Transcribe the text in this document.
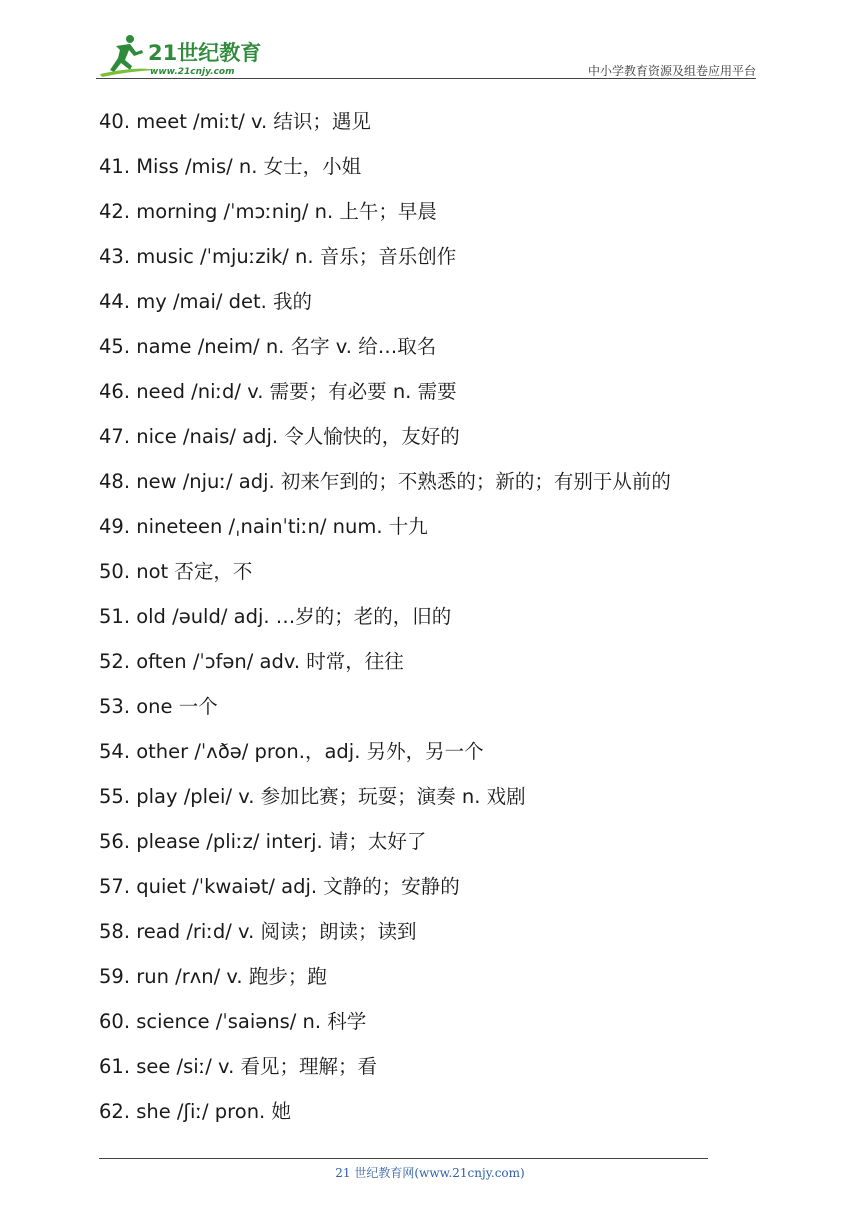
21世纪教育
www.21cnjy.com	中小学教育资源及组卷应用平台
40. meet /miːt/ v. 结识；遇见
41. Miss /mis/ n. 女士，小姐
42. morning /ˈmɔːniŋ/ n. 上午；早晨
43. music /ˈmjuːzik/ n. 音乐；音乐创作
44. my /mai/ det. 我的
45. name /neim/ n. 名字 v. 给…取名
46. need /niːd/ v. 需要；有必要 n. 需要
47. nice /nais/ adj. 令人愉快的，友好的
48. new /njuː/ adj. 初来乍到的；不熟悉的；新的；有别于从前的
49. nineteen /ˌnainˈtiːn/ num. 十九
50. not 否定，不
51. old /əuld/ adj. …岁的；老的，旧的
52. often /ˈɔfən/ adv. 时常，往往
53. one 一个
54. other /ˈʌðə/ pron.，adj. 另外，另一个
55. play /plei/ v. 参加比赛；玩耍；演奏 n. 戏剧
56. please /pliːz/ interj. 请；太好了
57. quiet /ˈkwaiət/ adj. 文静的；安静的
58. read /riːd/ v. 阅读；朗读；读到
59. run /rʌn/ v. 跑步；跑
60. science /ˈsaiəns/ n. 科学
61. see /siː/ v. 看见；理解；看
62. she /ʃiː/ pron. 她
21 世纪教育网(www.21cnjy.com)
